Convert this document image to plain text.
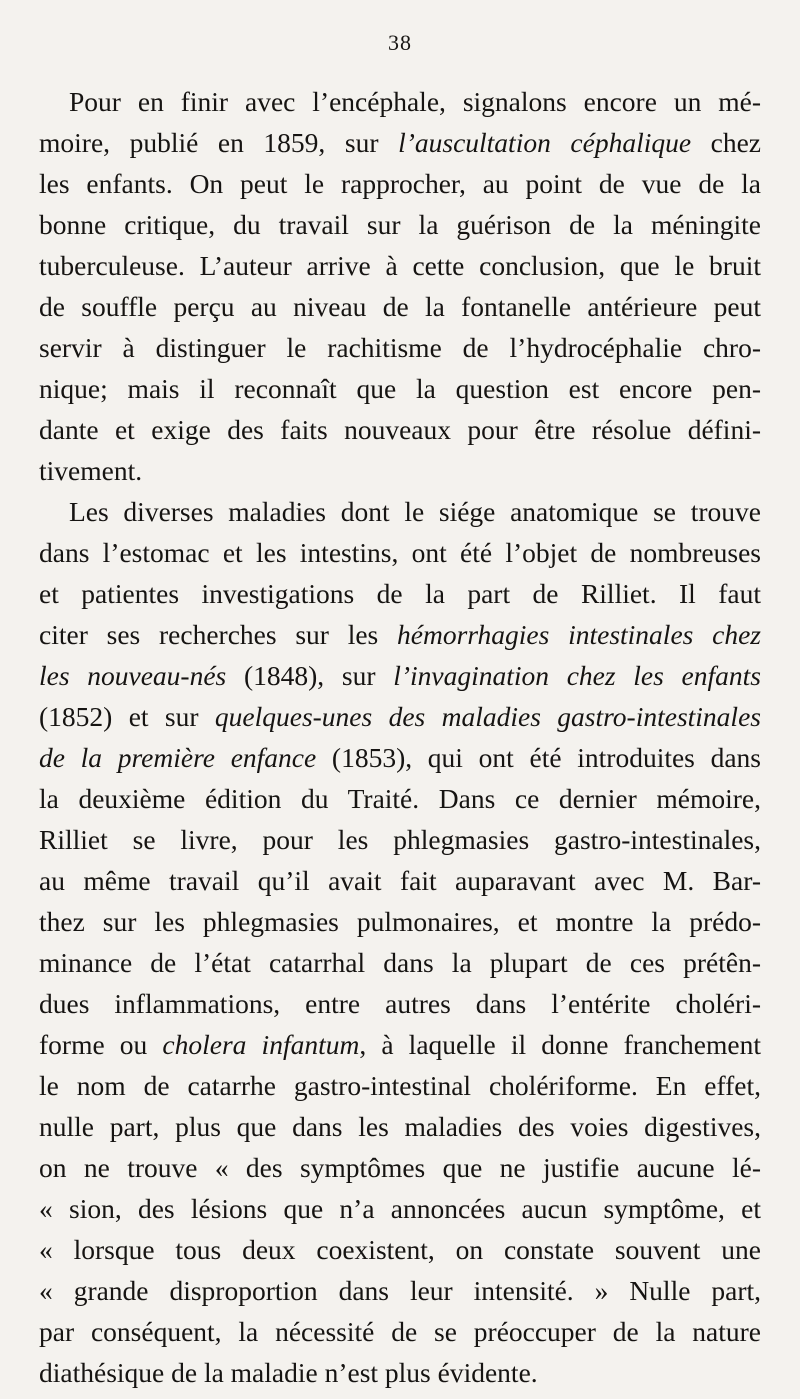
38
Pour en finir avec l’encéphale, signalons encore un mé-
moire, publié en 1859, sur l’auscultation céphalique chez
les enfants. On peut le rapprocher, au point de vue de la
bonne critique, du travail sur la guérison de la méningite
tuberculeuse. L’auteur arrive à cette conclusion, que le bruit
de souffle perçu au niveau de la fontanelle antérieure peut
servir à distinguer le rachitisme de l’hydrocéphalie chro-
nique; mais il reconnaît que la question est encore pen-
dante et exige des faits nouveaux pour être résolue défini-
tivement.
Les diverses maladies dont le siége anatomique se trouve
dans l’estomac et les intestins, ont été l’objet de nombreuses
et patientes investigations de la part de Rilliet. Il faut
citer ses recherches sur les hémorrhagies intestinales chez
les nouveau-nés (1848), sur l’invagination chez les enfants
(1852) et sur quelques-unes des maladies gastro-intestinales
de la première enfance (1853), qui ont été introduites dans
la deuxième édition du Traité. Dans ce dernier mémoire,
Rilliet se livre, pour les phlegmasies gastro-intestinales,
au même travail qu’il avait fait auparavant avec M. Bar-
thez sur les phlegmasies pulmonaires, et montre la prédo-
minance de l’état catarrhal dans la plupart de ces prétên-
dues inflammations, entre autres dans l’entérite choléri-
forme ou cholera infantum, à laquelle il donne franchement
le nom de catarrhe gastro-intestinal cholériforme. En effet,
nulle part, plus que dans les maladies des voies digestives,
on ne trouve « des symptômes que ne justifie aucune lé-
« sion, des lésions que n’a annoncées aucun symptôme, et
« lorsque tous deux coexistent, on constate souvent une
« grande disproportion dans leur intensité. » Nulle part,
par conséquent, la nécessité de se préoccuper de la nature
diathésique de la maladie n’est plus évidente.
